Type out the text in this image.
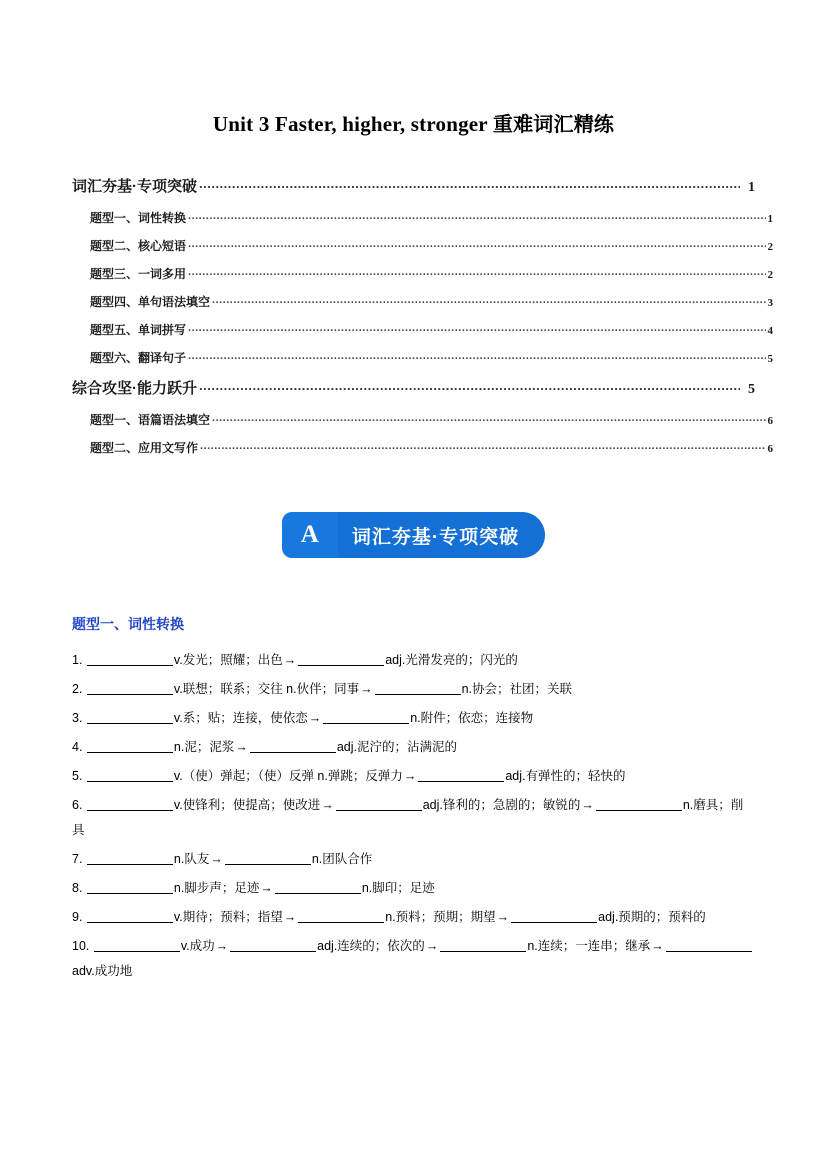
Unit 3 Faster, higher, stronger 重难词汇精练
词汇夯基·专项突破 .....	1
题型一、词性转换 .....	1
题型二、核心短语 .....	2
题型三、一词多用 .....	2
题型四、单句语法填空 .....	3
题型五、单词拼写 .....	4
题型六、翻译句子 .....	5
综合攻坚·能力跃升 .....	5
题型一、语篇语法填空 .....	6
题型二、应用文写作 .....	6
A	词汇夯基·专项突破
题型一、词性转换
1.	v.发光；照耀；出色→	adj.光滑发亮的；闪光的
2.	v.联想；联系；交往 n.伙伴；同事→	n.协会；社团；关联
3.	v.系；贴；连接，使依恋→	n.附件；依恋；连接物
4.	n.泥；泥浆→	adj.泥泞的；沾满泥的
5.	v.（使）弹起；（使）反弹 n.弹跳；反弹力→	adj.有弹性的；轻快的
6.	v.使锋利；使提高；使改进→	adj.锋利的；急剧的；敏锐的→	n.磨具；削具
7.	n.队友→	n.团队合作
8.	n.脚步声；足迹→	n.脚印；足迹
9.	v.期待；预料；指望→	n.预料；预期；期望→	adj.预期的；预料的
10.	v.成功→	adj.连续的；依次的→	n.连续；一连串；继承→adv.成功地
